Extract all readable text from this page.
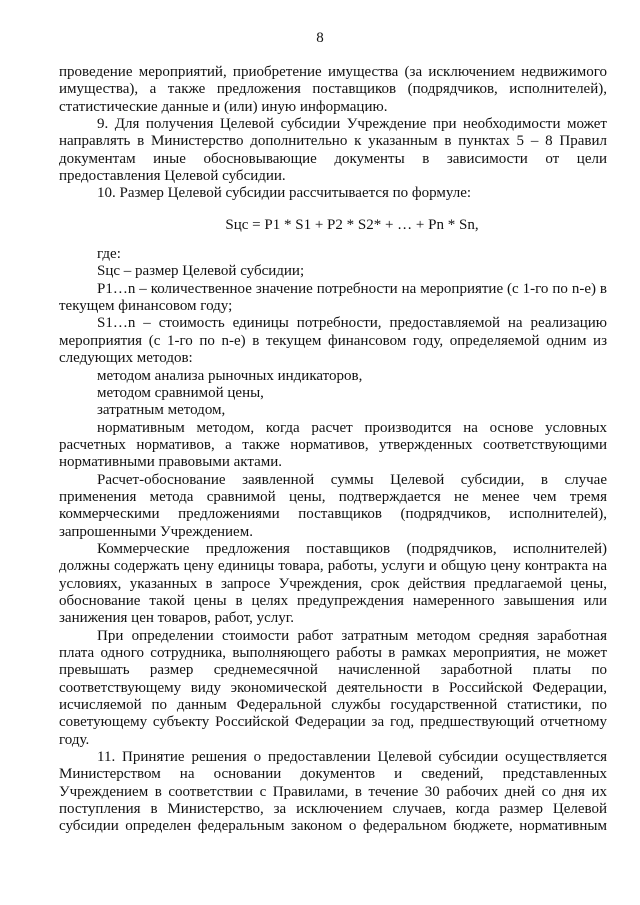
8

проведение мероприятий, приобретение имущества (за исключением недвижимого имущества), а также предложения поставщиков (подрядчиков, исполнителей), статистические данные и (или) иную информацию.

9. Для получения Целевой субсидии Учреждение при необходимости может направлять в Министерство дополнительно к указанным в пунктах 5 – 8 Правил документам иные обосновывающие документы в зависимости от цели предоставления Целевой субсидии.

10. Размер Целевой субсидии рассчитывается по формуле:

Sцс = P1 * S1 + P2 * S2* + … + Pn * Sn,

где:

Sцс – размер Целевой субсидии;

P1…n – количественное значение потребности на мероприятие (с 1-го по n-е) в текущем финансовом году;

S1…n – стоимость единицы потребности, предоставляемой на реализацию мероприятия (с 1-го по n-е) в текущем финансовом году, определяемой одним из следующих методов:

методом анализа рыночных индикаторов,

методом сравнимой цены,

затратным методом,

нормативным методом, когда расчет производится на основе условных расчетных нормативов, а также нормативов, утвержденных соответствующими нормативными правовыми актами.

Расчет-обоснование заявленной суммы Целевой субсидии, в случае применения метода сравнимой цены, подтверждается не менее чем тремя коммерческими предложениями поставщиков (подрядчиков, исполнителей), запрошенными Учреждением.

Коммерческие предложения поставщиков (подрядчиков, исполнителей) должны содержать цену единицы товара, работы, услуги и общую цену контракта на условиях, указанных в запросе Учреждения, срок действия предлагаемой цены, обоснование такой цены в целях предупреждения намеренного завышения или занижения цен товаров, работ, услуг.

При определении стоимости работ затратным методом средняя заработная плата одного сотрудника, выполняющего работы в рамках мероприятия, не может превышать размер среднемесячной начисленной заработной платы по соответствующему виду экономической деятельности в Российской Федерации, исчисляемой по данным Федеральной службы государственной статистики, по советующему субъекту Российской Федерации за год, предшествующий отчетному году.

11. Принятие решения о предоставлении Целевой субсидии осуществляется Министерством на основании документов и сведений, представленных Учреждением в соответствии с Правилами, в течение 30 рабочих дней со дня их поступления в Министерство, за исключением случаев, когда размер Целевой субсидии определен федеральным законом о федеральном бюджете, нормативным
